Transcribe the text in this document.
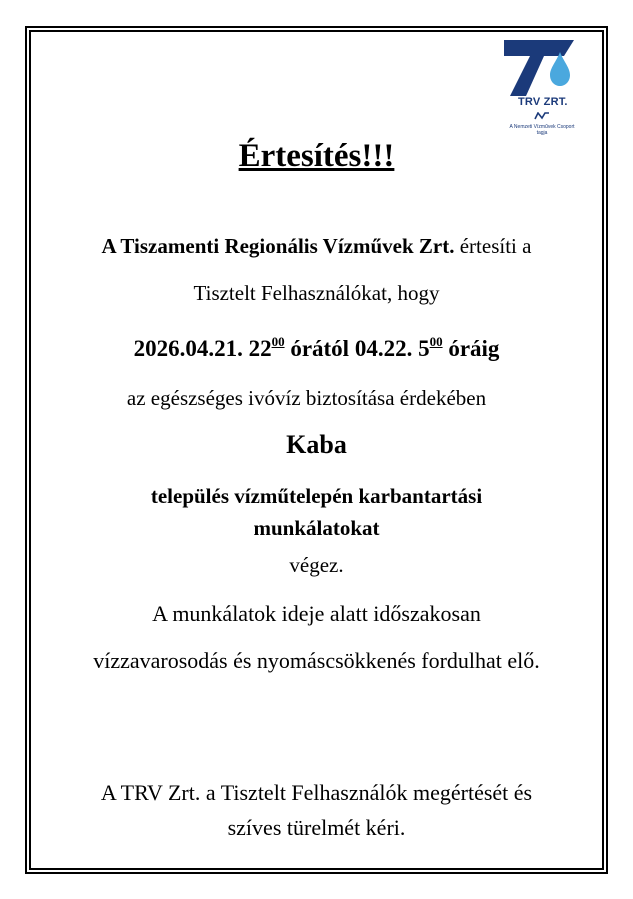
TRV ZRT.
A Nemzeti Vízművek Csoport tagja
Értesítés!!!
A Tiszamenti Regionális Vízművek Zrt. értesíti a
Tisztelt Felhasználókat, hogy
2026.04.21. $22^{00}$ órától 04.22. $5^{00}$ óráig
az egészséges ivóvíz biztosítása érdekében
Kaba
település vízműtelepén karbantartási
munkálatokat
végez.
A munkálatok ideje alatt időszakosan
vízzavarosodás és nyomáscsökkenés fordulhat elő.
A TRV Zrt. a Tisztelt Felhasználók megértését és
szíves türelmét kéri.
